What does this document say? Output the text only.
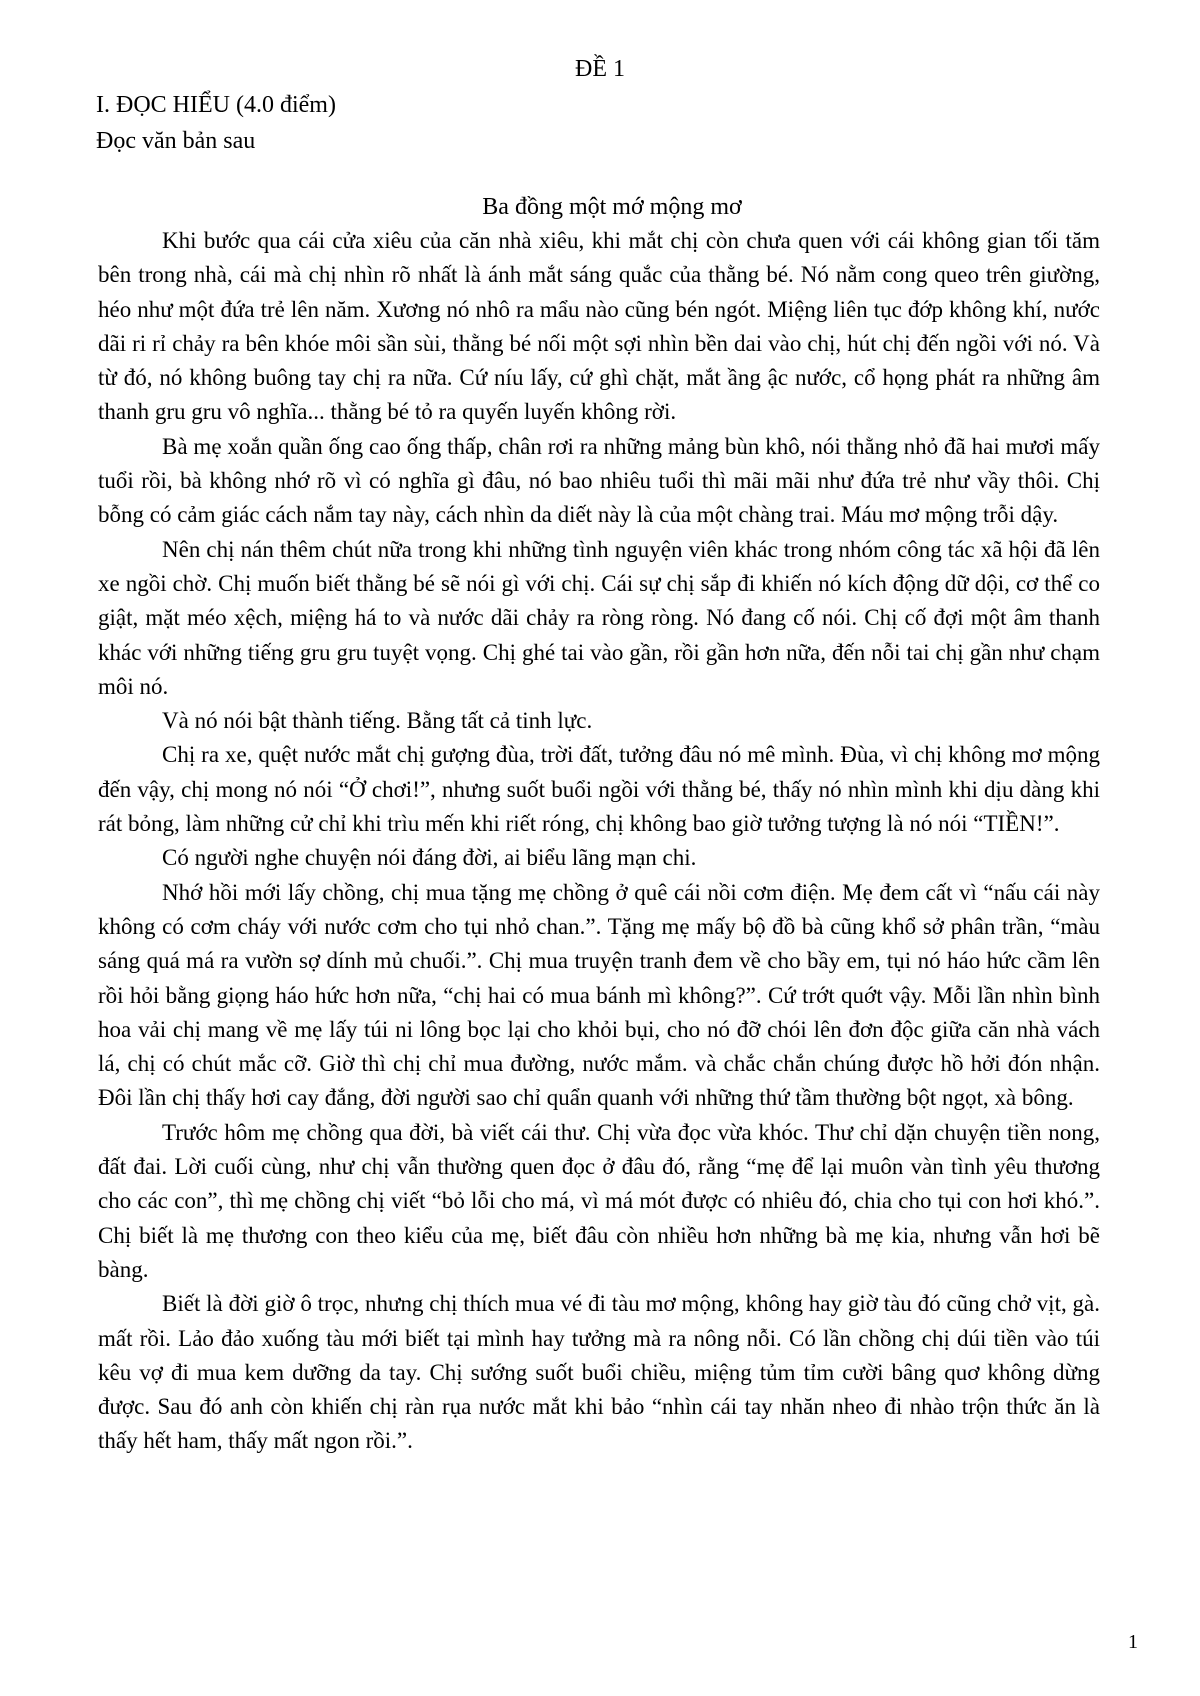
ĐỀ 1
I. ĐỌC HIỂU (4.0 điểm)
Đọc văn bản sau
Ba đồng một mớ mộng mơ

Khi bước qua cái cửa xiêu của căn nhà xiêu, khi mắt chị còn chưa quen với cái không gian tối tăm bên trong nhà, cái mà chị nhìn rõ nhất là ánh mắt sáng quắc của thằng bé. Nó nằm cong queo trên giường, héo như một đứa trẻ lên năm. Xương nó nhô ra mẩu nào cũng bén ngót. Miệng liên tục đớp không khí, nước dãi ri rỉ chảy ra bên khóe môi sần sùi, thằng bé nối một sợi nhìn bền dai vào chị, hút chị đến ngồi với nó. Và từ đó, nó không buông tay chị ra nữa. Cứ níu lấy, cứ ghì chặt, mắt ầng ậc nước, cổ họng phát ra những âm thanh gru gru vô nghĩa... thằng bé tỏ ra quyến luyến không rời.

Bà mẹ xoắn quần ống cao ống thấp, chân rơi ra những mảng bùn khô, nói thằng nhỏ đã hai mươi mấy tuổi rồi, bà không nhớ rõ vì có nghĩa gì đâu, nó bao nhiêu tuổi thì mãi mãi như đứa trẻ như vầy thôi. Chị bỗng có cảm giác cách nắm tay này, cách nhìn da diết này là của một chàng trai. Máu mơ mộng trỗi dậy.

Nên chị nán thêm chút nữa trong khi những tình nguyện viên khác trong nhóm công tác xã hội đã lên xe ngồi chờ. Chị muốn biết thằng bé sẽ nói gì với chị. Cái sự chị sắp đi khiến nó kích động dữ dội, cơ thể co giật, mặt méo xệch, miệng há to và nước dãi chảy ra ròng ròng. Nó đang cố nói. Chị cố đợi một âm thanh khác với những tiếng gru gru tuyệt vọng. Chị ghé tai vào gần, rồi gần hơn nữa, đến nỗi tai chị gần như chạm môi nó.

Và nó nói bật thành tiếng. Bằng tất cả tinh lực.

Chị ra xe, quệt nước mắt chị gượng đùa, trời đất, tưởng đâu nó mê mình. Đùa, vì chị không mơ mộng đến vậy, chị mong nó nói “Ở chơi!”, nhưng suốt buổi ngồi với thằng bé, thấy nó nhìn mình khi dịu dàng khi rát bỏng, làm những cử chỉ khi trìu mến khi riết róng, chị không bao giờ tưởng tượng là nó nói “TIỀN!”.

Có người nghe chuyện nói đáng đời, ai biểu lãng mạn chi.

Nhớ hồi mới lấy chồng, chị mua tặng mẹ chồng ở quê cái nồi cơm điện. Mẹ đem cất vì “nấu cái này không có cơm cháy với nước cơm cho tụi nhỏ chan.”. Tặng mẹ mấy bộ đồ bà cũng khổ sở phân trần, “màu sáng quá má ra vườn sợ dính mủ chuối.”. Chị mua truyện tranh đem về cho bầy em, tụi nó háo hức cầm lên rồi hỏi bằng giọng háo hức hơn nữa, “chị hai có mua bánh mì không?”. Cứ trớt quớt vậy. Mỗi lần nhìn bình hoa vải chị mang về mẹ lấy túi ni lông bọc lại cho khỏi bụi, cho nó đỡ chói lên đơn độc giữa căn nhà vách lá, chị có chút mắc cỡ. Giờ thì chị chỉ mua đường, nước mắm. và chắc chắn chúng được hồ hởi đón nhận. Đôi lần chị thấy hơi cay đắng, đời người sao chỉ quẩn quanh với những thứ tầm thường bột ngọt, xà bông.

Trước hôm mẹ chồng qua đời, bà viết cái thư. Chị vừa đọc vừa khóc. Thư chỉ dặn chuyện tiền nong, đất đai. Lời cuối cùng, như chị vẫn thường quen đọc ở đâu đó, rằng “mẹ để lại muôn vàn tình yêu thương cho các con”, thì mẹ chồng chị viết “bỏ lỗi cho má, vì má mót được có nhiêu đó, chia cho tụi con hơi khó.”. Chị biết là mẹ thương con theo kiểu của mẹ, biết đâu còn nhiều hơn những bà mẹ kia, nhưng vẫn hơi bẽ bàng.

Biết là đời giờ ô trọc, nhưng chị thích mua vé đi tàu mơ mộng, không hay giờ tàu đó cũng chở vịt, gà. mất rồi. Lảo đảo xuống tàu mới biết tại mình hay tưởng mà ra nông nỗi. Có lần chồng chị dúi tiền vào túi kêu vợ đi mua kem dưỡng da tay. Chị sướng suốt buổi chiều, miệng tủm tỉm cười bâng quơ không dừng được. Sau đó anh còn khiến chị ràn rụa nước mắt khi bảo “nhìn cái tay nhăn nheo đi nhào trộn thức ăn là thấy hết ham, thấy mất ngon rồi.”.

1
